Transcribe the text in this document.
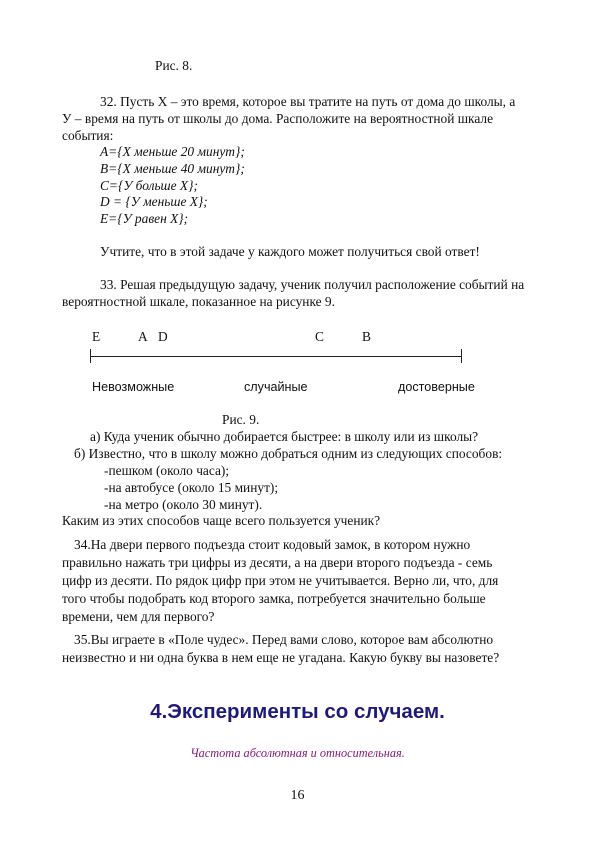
Рис. 8.
32. Пусть X – это время, которое вы тратите на путь от дома до школы, а
У – время на путь от школы до дома. Расположите на вероятностной шкале
события:
A={X меньше 20 минут};
B={X меньше 40 минут};
C={У больше X};
D = {У меньше X};
E={У равен X};
Учтите, что в этой задаче у каждого может получиться свой ответ!
33. Решая предыдущую задачу, ученик получил расположение событий на
вероятностной шкале, показанное на рисунке 9.
E	A D	C	B
Невозможные	случайные	достоверные
Рис. 9.
а) Куда ученик обычно добирается быстрее: в школу или из школы?
б) Известно, что в школу можно добраться одним из следующих способов:
-пешком (около часа);
-на автобусе (около 15 минут);
-на метро (около 30 минут).
Каким из этих способов чаще всего пользуется ученик?
34.На двери первого подъезда стоит кодовый замок, в котором нужно
правильно нажать три цифры из десяти, а на двери второго подъезда - семь
цифр из десяти. По рядок цифр при этом не учитывается. Верно ли, что, для
того чтобы подобрать код второго замка, потребуется значительно больше
времени, чем для первого?
35.Вы играете в «Поле чудес». Перед вами слово, которое вам абсолютно
неизвестно и ни одна буква в нем еще не угадана. Какую букву вы назовете?
4.Эксперименты со случаем.
Частота абсолютная и относительная.
16
